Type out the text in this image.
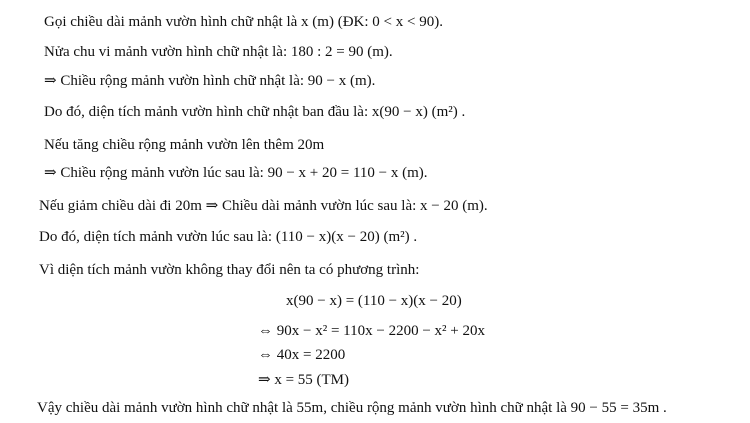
Gọi chiều dài mảnh vườn hình chữ nhật là x (m) (ĐK: 0 < x < 90).
Nửa chu vi mảnh vườn hình chữ nhật là: 180 : 2 = 90 (m).
⇒ Chiều rộng mảnh vườn hình chữ nhật là: 90 − x (m).
Do đó, diện tích mảnh vườn hình chữ nhật ban đầu là: x(90 − x) (m²) .
Nếu tăng chiều rộng mảnh vườn lên thêm 20m
⇒ Chiều rộng mảnh vườn lúc sau là: 90 − x + 20 = 110 − x (m).
Nếu giảm chiều dài đi 20m ⇒ Chiều dài mảnh vườn lúc sau là: x − 20 (m).
Do đó, diện tích mảnh vườn lúc sau là: (110 − x)(x − 20) (m²) .
Vì diện tích mảnh vườn không thay đổi nên ta có phương trình:
x(90 − x) = (110 − x)(x − 20)
⇔ 90x − x² = 110x − 2200 − x² + 20x
⇔ 40x = 2200
⇒ x = 55 (TM)
Vậy chiều dài mảnh vườn hình chữ nhật là 55m, chiều rộng mảnh vườn hình chữ nhật là 90 − 55 = 35m .
